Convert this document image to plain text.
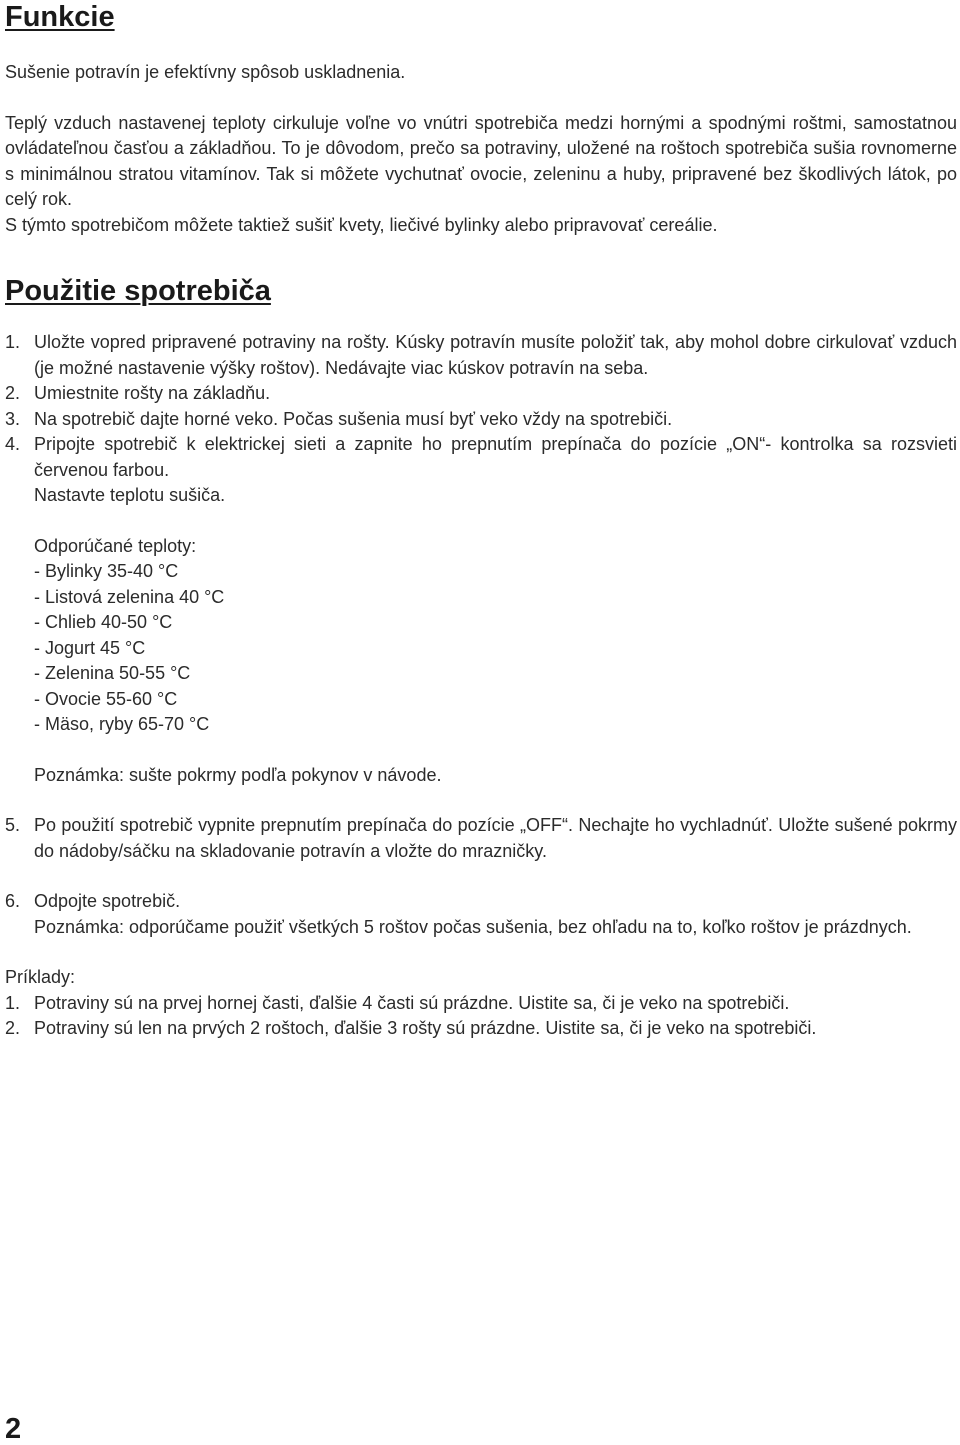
Funkcie

Sušenie potravín je efektívny spôsob uskladnenia.

Teplý vzduch nastavenej teploty cirkuluje voľne vo vnútri spotrebiča medzi hornými a spodnými roštmi, samostatnou ovládateľnou časťou a základňou. To je dôvodom, prečo sa potraviny, uložené na roštoch spotrebiča sušia rovnomerne s minimálnou stratou vitamínov. Tak si môžete vychutnať ovocie, zeleninu a huby, pripravené bez škodlivých látok, po celý rok.

S týmto spotrebičom môžete taktiež sušiť kvety, liečivé bylinky alebo pripravovať cereálie.

Použitie spotrebiča
1. Uložte vopred pripravené potraviny na rošty. Kúsky potravín musíte položiť tak, aby mohol dobre cirkulovať vzduch (je možné nastavenie výšky roštov). Nedávajte viac kúskov potravín na seba.
2. Umiestnite rošty na základňu.
3. Na spotrebič dajte horné veko. Počas sušenia musí byť veko vždy na spotrebiči.
4. Pripojte spotrebič k elektrickej sieti a zapnite ho prepnutím prepínača do pozície „ON“- kontrolka sa rozsvieti červenou farbou.
Nastavte teplotu sušiča.
Odporúčané teploty:
- Bylinky 35-40 °C
- Listová zelenina 40 °C
- Chlieb 40-50 °C
- Jogurt 45 °C
- Zelenina 50-55 °C
- Ovocie 55-60 °C
- Mäso, ryby 65-70 °C
Poznámka: sušte pokrmy podľa pokynov v návode.
5. Po použití spotrebič vypnite prepnutím prepínača do pozície „OFF“. Nechajte ho vychladnúť. Uložte sušené pokrmy do nádoby/sáčku na skladovanie potravín a vložte do mrazničky.
6. Odpojte spotrebič.
Poznámka: odporúčame použiť všetkých 5 roštov počas sušenia, bez ohľadu na to, koľko roštov je prázdnych.

Príklady:

1. Potraviny sú na prvej hornej časti, ďalšie 4 časti sú prázdne. Uistite sa, či je veko na spotrebiči.
2. Potraviny sú len na prvých 2 roštoch, ďalšie 3 rošty sú prázdne. Uistite sa, či je veko na spotrebiči.
2
